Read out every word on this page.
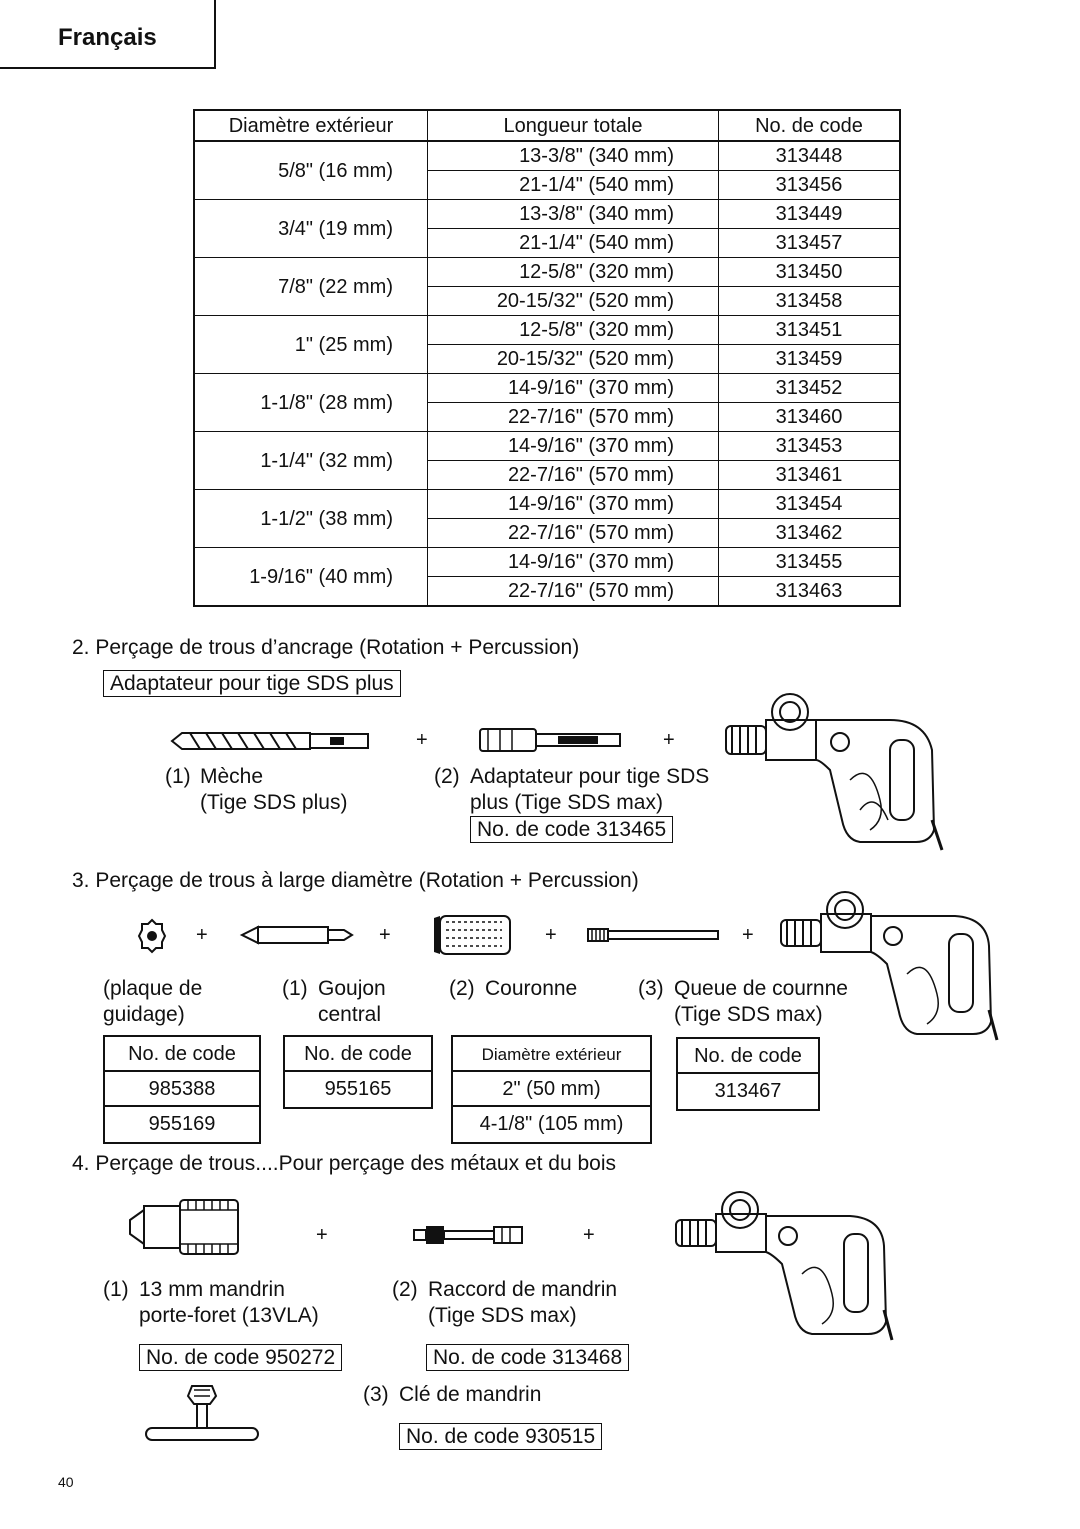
Français
Diamètre extérieur	Longueur totale	No. de code
5/8" (16 mm)	13-3/8" (340 mm)	313448
	21-1/4" (540 mm)	313456
3/4" (19 mm)	13-3/8" (340 mm)	313449
	21-1/4" (540 mm)	313457
7/8" (22 mm)	12-5/8" (320 mm)	313450
	20-15/32" (520 mm)	313458
1" (25 mm)	12-5/8" (320 mm)	313451
	20-15/32" (520 mm)	313459
1-1/8" (28 mm)	14-9/16" (370 mm)	313452
	22-7/16" (570 mm)	313460
1-1/4" (32 mm)	14-9/16" (370 mm)	313453
	22-7/16" (570 mm)	313461
1-1/2" (38 mm)	14-9/16" (370 mm)	313454
	22-7/16" (570 mm)	313462
1-9/16" (40 mm)	14-9/16" (370 mm)	313455
	22-7/16" (570 mm)	313463
2. Perçage de trous d’ancrage (Rotation + Percussion)
Adaptateur pour tige SDS plus
+	+
(1) Mèche
(Tige SDS plus)
(2) Adaptateur pour tige SDS
plus (Tige SDS max)
No. de code 313465
3. Perçage de trous à large diamètre (Rotation + Percussion)
+	+	+	+
(plaque de
guidage)
(1) Goujon
central
(2) Couronne	(3) Queue de cournne
(Tige SDS max)
No. de code
985388
955169
No. de code
955165
Diamètre extérieur
2" (50 mm)
4-1/8" (105 mm)
No. de code
313467
4. Perçage de trous....Pour perçage des métaux et du bois
+	+
(1) 13 mm mandrin
porte-foret (13VLA)
(2) Raccord de mandrin
(Tige SDS max)
No. de code 950272	No. de code 313468
(3) Clé de mandrin
No. de code 930515
40
